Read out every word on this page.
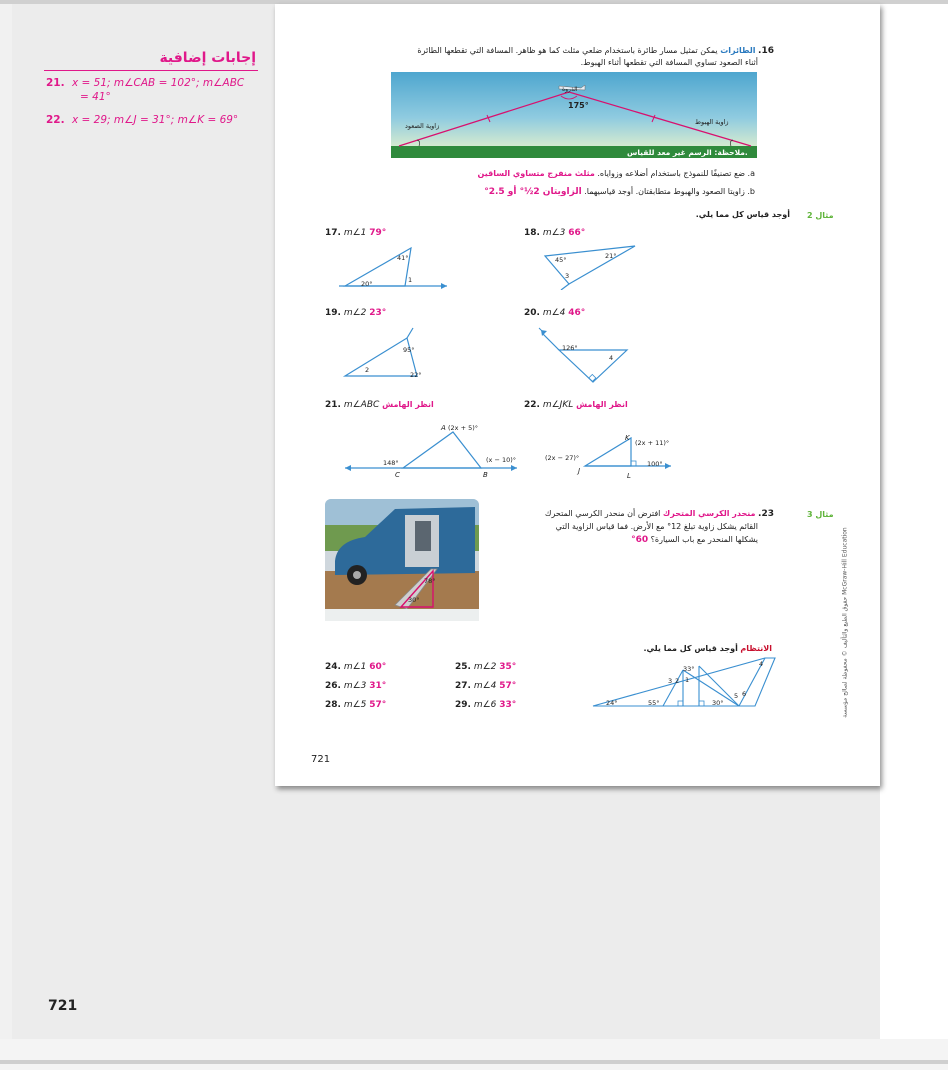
إجابات إضافية
21. x = 51; m∠CAB = 102°; m∠ABC
= 41°
22. x = 29; m∠J = 31°; m∠K = 69°
721
16. الطائرات يمكن تمثيل مسار طائرة باستخدام ضلعي مثلث كما هو ظاهر. المسافة التي تقطعها الطائرة
أثناء الصعود تساوي المسافة التي تقطعها أثناء الهبوط.
الذروة
175°
زاوية الصعود	زاوية الهبوط
ملاحظة: الرسم غير معد للقياس.
a. ضع تصنيفًا للنموذج باستخدام أضلاعه وزواياه. مثلث منفرج متساوي الساقين
b. زاويتا الصعود والهبوط متطابقتان. أوجد قياسيهما. الزاويتان 2½° أو 2.5°
مثال 2
أوجد قياس كل مما يلي.
17. m∠1 79°
41°
20°	1
18. m∠3 66°
45°	21°
3
19. m∠2 23°
95°
2
22°
20. m∠4 46°
126°
4
21. m∠ABC انظر الهامش
A (2x + 5)°
148°
C	B
(x − 10)°
22. m∠JKL انظر الهامش
K
(2x + 11)°
(2x − 27)°
J
L
100°
مثال 3
23. منحدر الكرسي المتحرك افترض أن منحدر الكرسي المتحرك
القائم يشكل زاوية تبلغ 12° مع الأرض. فما قياس الزاوية التي
يشكلها المنحدر مع باب السيارة؟ 60°
78°
30°
الانتظام أوجد قياس كل مما يلي.
24. m∠1 60°
26. m∠3 31°
28. m∠5 57°
25. m∠2 35°
27. m∠4 57°
29. m∠6 33°	24°	55°	30°
33°
3 2 1
4
5 6
721
حقوق الطبع والتأليف © محفوظة لصالح مؤسسة McGraw-Hill Education
